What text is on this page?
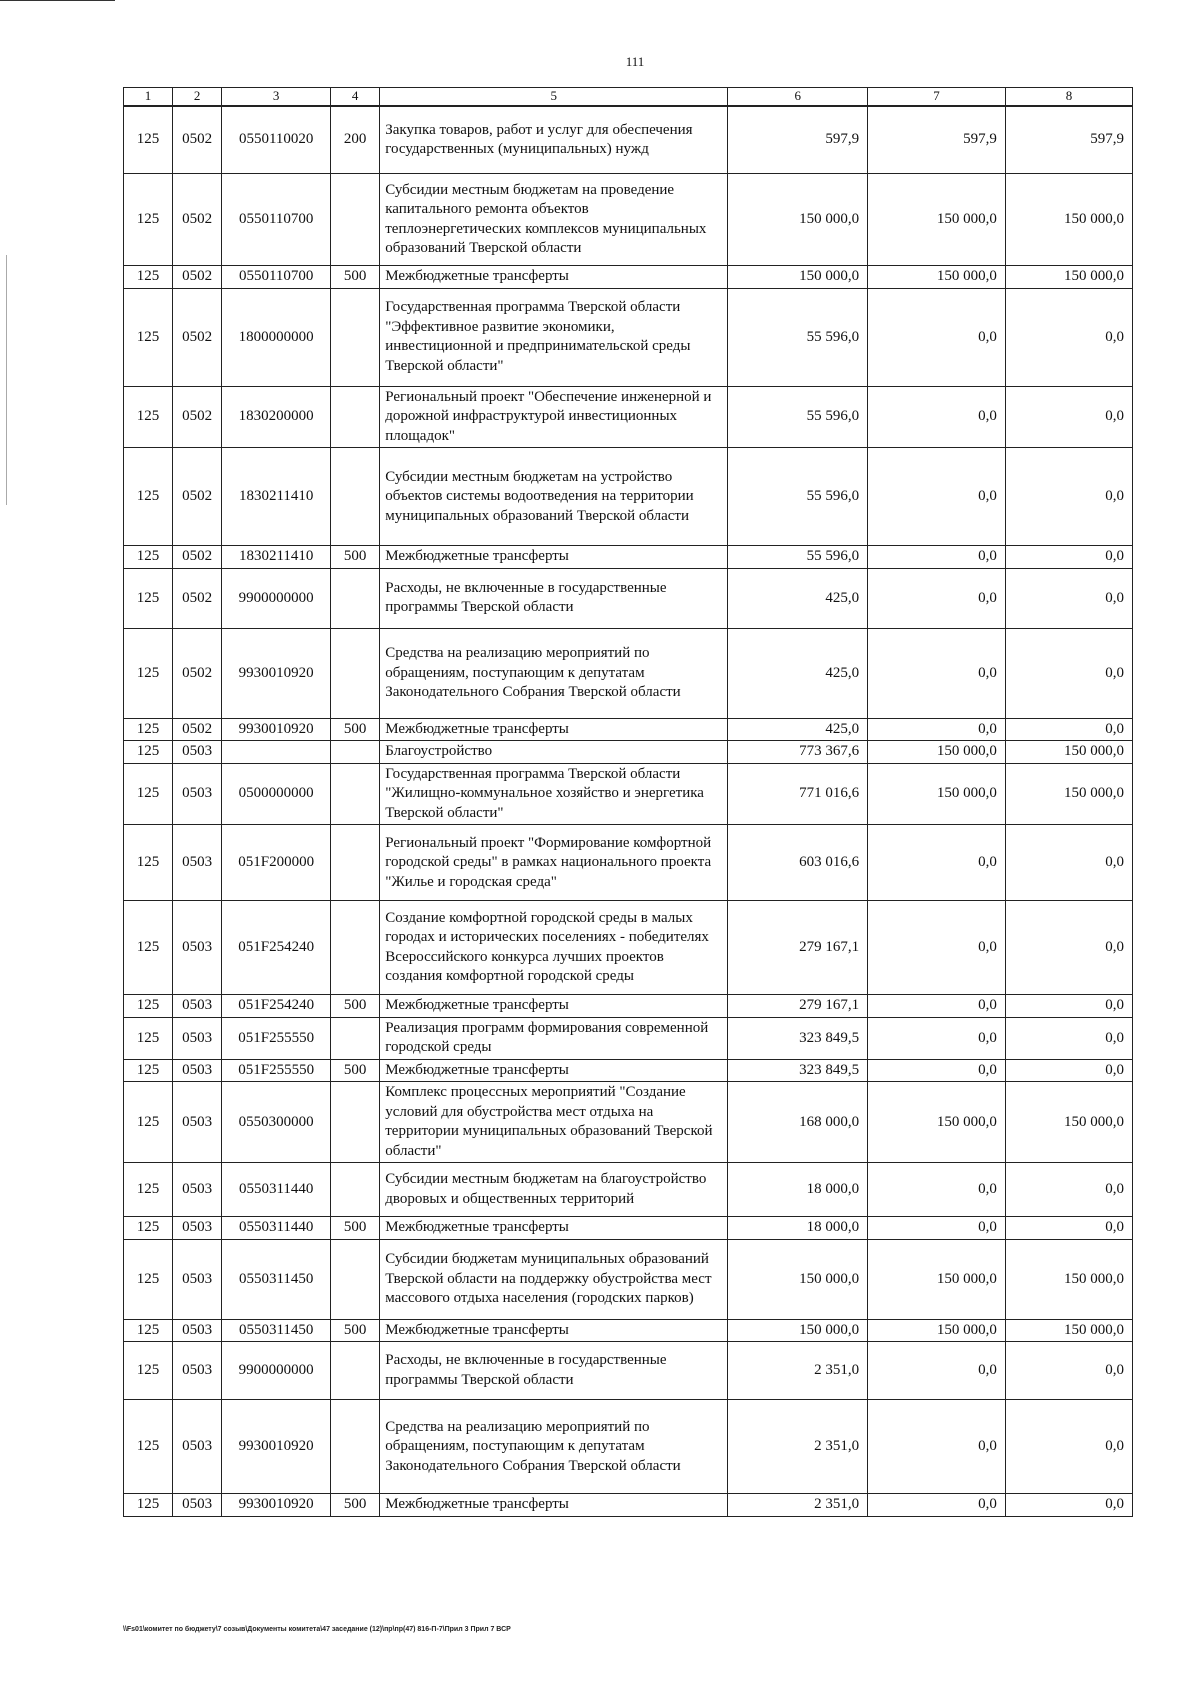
111
1	2	3	4	5	6	7	8
125	0502	0550110020	200	Закупка товаров, работ и услуг для обеспечения государственных (муниципальных) нужд	597,9	597,9	597,9
125	0502	0550110700		Субсидии местным бюджетам на проведение капитального ремонта объектов теплоэнергетических комплексов муниципальных образований Тверской области	150 000,0	150 000,0	150 000,0
125	0502	0550110700	500	Межбюджетные трансферты	150 000,0	150 000,0	150 000,0
125	0502	1800000000		Государственная программа Тверской области "Эффективное развитие экономики, инвестиционной и предпринимательской среды Тверской области"	55 596,0	0,0	0,0
125	0502	1830200000		Региональный проект "Обеспечение инженерной и дорожной инфраструктурой инвестиционных площадок"	55 596,0	0,0	0,0
125	0502	1830211410		Субсидии местным бюджетам на устройство объектов системы водоотведения на территории муниципальных образований Тверской области	55 596,0	0,0	0,0
125	0502	1830211410	500	Межбюджетные трансферты	55 596,0	0,0	0,0
125	0502	9900000000		Расходы, не включенные в государственные программы Тверской области	425,0	0,0	0,0
125	0502	9930010920		Средства на реализацию мероприятий по обращениям, поступающим к депутатам Законодательного Собрания Тверской области	425,0	0,0	0,0
125	0502	9930010920	500	Межбюджетные трансферты	425,0	0,0	0,0
125	0503			Благоустройство	773 367,6	150 000,0	150 000,0
125	0503	0500000000		Государственная программа Тверской области "Жилищно-коммунальное хозяйство и энергетика Тверской области"	771 016,6	150 000,0	150 000,0
125	0503	051F200000		Региональный проект "Формирование комфортной городской среды" в рамках национального проекта "Жилье и городская среда"	603 016,6	0,0	0,0
125	0503	051F254240		Создание комфортной городской среды в малых городах и исторических поселениях - победителях Всероссийского конкурса лучших проектов создания комфортной городской среды	279 167,1	0,0	0,0
125	0503	051F254240	500	Межбюджетные трансферты	279 167,1	0,0	0,0
125	0503	051F255550		Реализация программ формирования современной городской среды	323 849,5	0,0	0,0
125	0503	051F255550	500	Межбюджетные трансферты	323 849,5	0,0	0,0
125	0503	0550300000		Комплекс процессных мероприятий "Создание условий для обустройства мест отдыха на территории муниципальных образований Тверской области"	168 000,0	150 000,0	150 000,0
125	0503	0550311440		Субсидии местным бюджетам на благоустройство дворовых и общественных территорий	18 000,0	0,0	0,0
125	0503	0550311440	500	Межбюджетные трансферты	18 000,0	0,0	0,0
125	0503	0550311450		Субсидии бюджетам муниципальных образований Тверской области на поддержку обустройства мест массового отдыха населения (городских парков)	150 000,0	150 000,0	150 000,0
125	0503	0550311450	500	Межбюджетные трансферты	150 000,0	150 000,0	150 000,0
125	0503	9900000000		Расходы, не включенные в государственные программы Тверской области	2 351,0	0,0	0,0
125	0503	9930010920		Средства на реализацию мероприятий по обращениям, поступающим к депутатам Законодательного Собрания Тверской области	2 351,0	0,0	0,0
125	0503	9930010920	500	Межбюджетные трансферты	2 351,0	0,0	0,0
\\Fs01\комитет по бюджету\7 созыв\Документы комитета\47 заседание (12)\пр\пр(47) 816-П-7\Прил 3 Прил 7 ВСР
